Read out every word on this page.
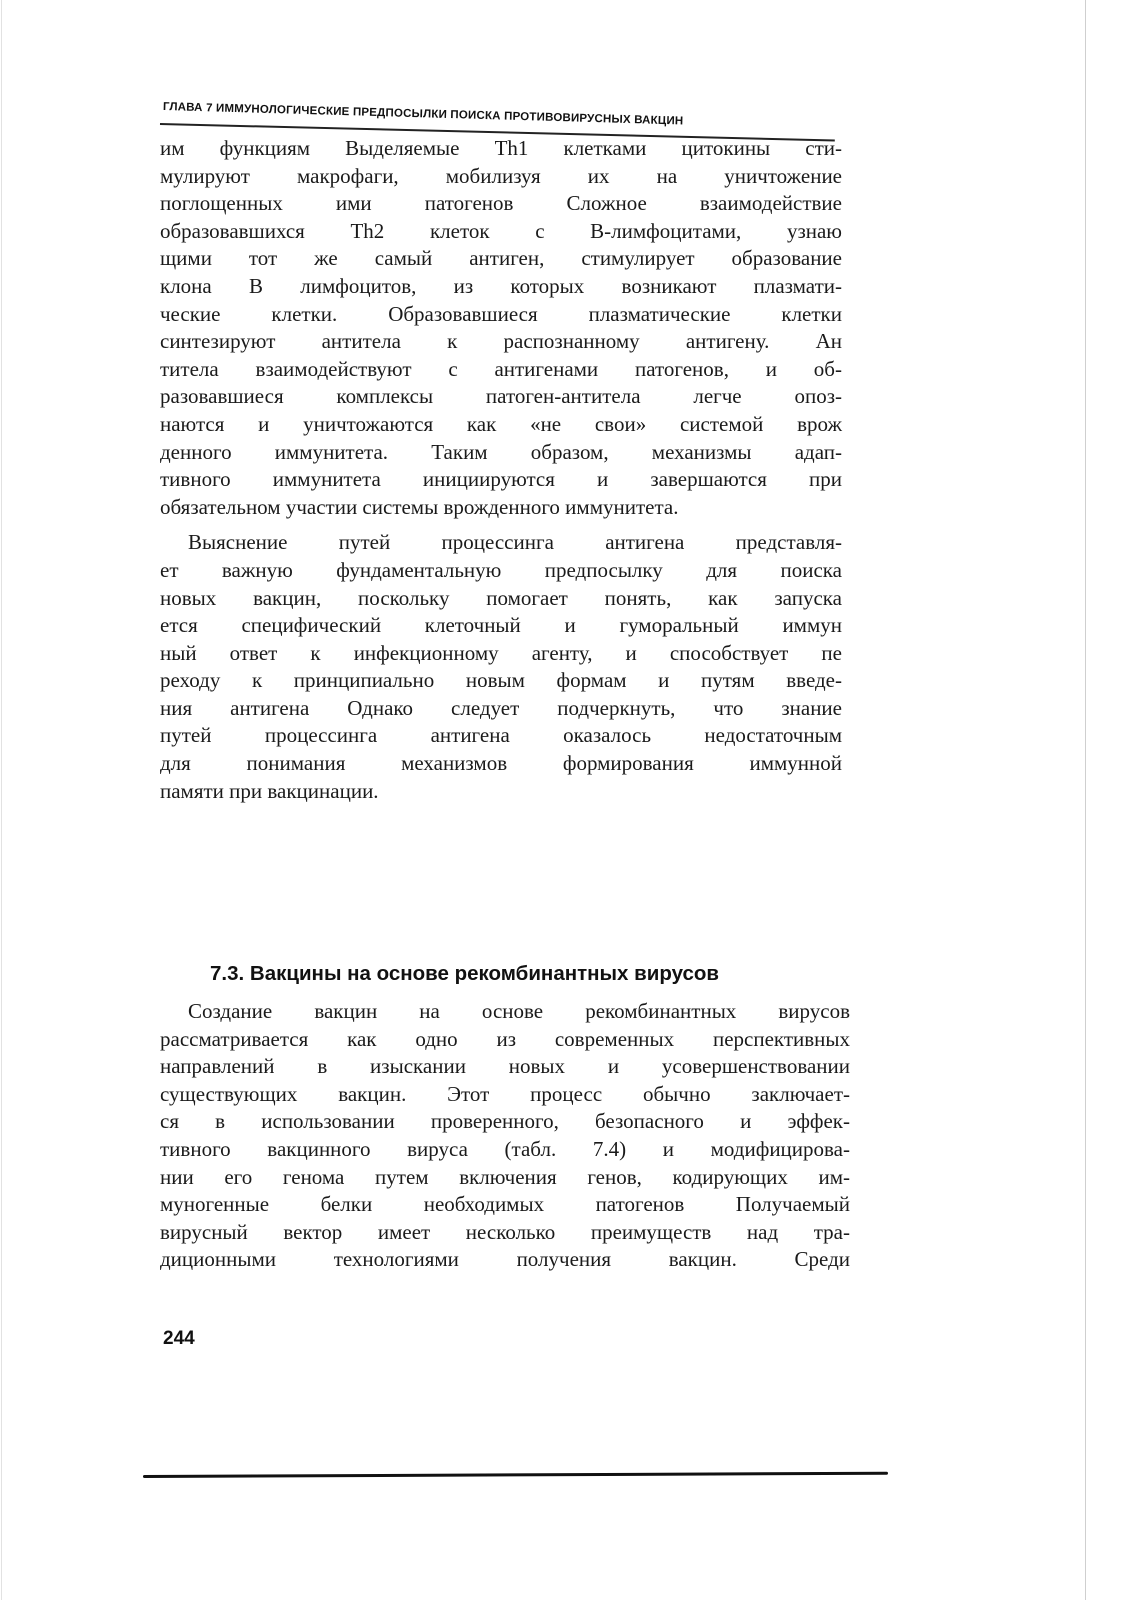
ГЛАВА 7 ИММУНОЛОГИЧЕСКИЕ ПРЕДПОСЫЛКИ ПОИСКА ПРОТИВОВИРУСНЫХ ВАКЦИН
им функциям Выделяемые Th1 клетками цитокины сти-
мулируют макрофаги, мобилизуя их на уничтожение
поглощенных ими патогенов Сложное взаимодействие
образовавшихся Th2 клеток с B-лимфоцитами, узнаю
щими тот же самый антиген, стимулирует образование
клона В лимфоцитов, из которых возникают плазмати-
ческие клетки. Образовавшиеся плазматические клетки
синтезируют антитела к распознанному антигену. Ан
титела взаимодействуют с антигенами патогенов, и об-
разовавшиеся комплексы патоген-антитела легче опоз-
наются и уничтожаются как «не свои» системой врож
денного иммунитета. Таким образом, механизмы адап-
тивного иммунитета инициируются и завершаются при
обязательном участии системы врожденного иммунитета.
Выяснение путей процессинга антигена представля-
ет важную фундаментальную предпосылку для поиска
новых вакцин, поскольку помогает понять, как запуска
ется специфический клеточный и гуморальный иммун
ный ответ к инфекционному агенту, и способствует пе
реходу к принципиально новым формам и путям введе-
ния антигена Однако следует подчеркнуть, что знание
путей процессинга антигена оказалось недостаточным
для понимания механизмов формирования иммунной
памяти при вакцинации.
7.3. Вакцины на основе рекомбинантных вирусов
Создание вакцин на основе рекомбинантных вирусов
рассматривается как одно из современных перспективных
направлений в изыскании новых и усовершенствовании
существующих вакцин. Этот процесс обычно заключает-
ся в использовании проверенного, безопасного и эффек-
тивного вакцинного вируса (табл. 7.4) и модифицирова-
нии его генома путем включения генов, кодирующих им-
муногенные белки необходимых патогенов Получаемый
вирусный вектор имеет несколько преимуществ над тра-
диционными технологиями получения вакцин. Среди
244
